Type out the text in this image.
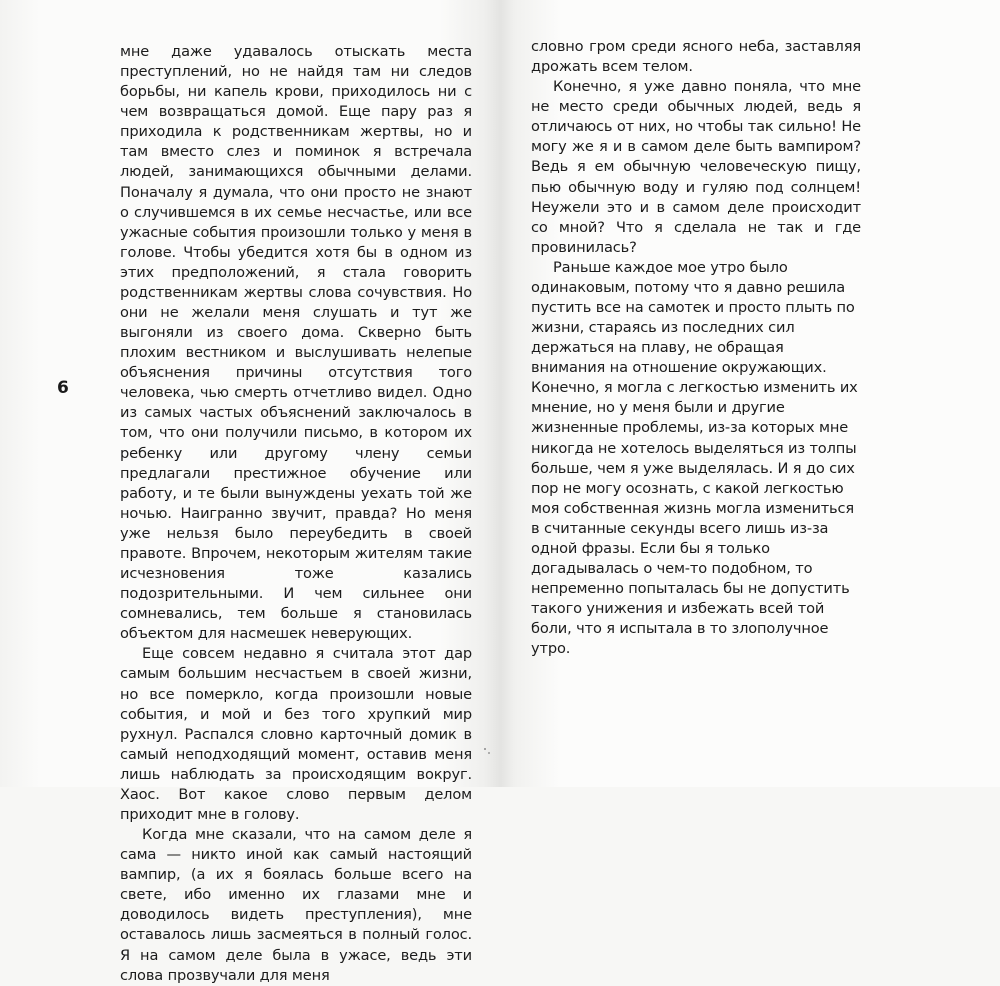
6

мне даже удавалось отыскать места преступлений, но не найдя там ни следов борьбы, ни капель крови, приходилось ни с чем возвращаться домой. Еще пару раз я приходила к родственникам жертвы, но и там вместо слез и поминок я встречала людей, занимающихся обычными делами. Поначалу я думала, что они просто не знают о случившемся в их семье несчастье, или все ужасные события произошли только у меня в голове. Чтобы убедится хотя бы в одном из этих предположений, я стала говорить родственникам жертвы слова сочувствия. Но они не желали меня слушать и тут же выгоняли из своего дома. Скверно быть плохим вестником и выслушивать нелепые объяснения причины отсутствия того человека, чью смерть отчетливо видел. Одно из самых частых объяснений заключалось в том, что они получили письмо, в котором их ребенку или другому члену семьи предлагали престижное обучение или работу, и те были вынуждены уехать той же ночью. Наигранно звучит, правда? Но меня уже нельзя было переубедить в своей правоте. Впрочем, некоторым жителям такие исчезновения тоже казались подозрительными. И чем сильнее они сомневались, тем больше я становилась объектом для насмешек неверующих.

Еще совсем недавно я считала этот дар самым большим несчастьем в своей жизни, но все померкло, когда произошли новые события, и мой и без того хрупкий мир рухнул. Распался словно карточный домик в самый неподходящий момент, оставив меня лишь наблюдать за происходящим вокруг. Хаос. Вот какое слово первым делом приходит мне в голову.

Когда мне сказали, что на самом деле я сама — никто иной как самый настоящий вампир, (а их я боялась больше всего на свете, ибо именно их глазами мне и доводилось видеть преступления), мне оставалось лишь засмеяться в полный голос. Я на самом деле была в ужасе, ведь эти слова прозвучали для меня

словно гром среди ясного неба, заставляя дрожать всем телом.

Конечно, я уже давно поняла, что мне не место среди обычных людей, ведь я отличаюсь от них, но чтобы так сильно! Не могу же я и в самом деле быть вампиром? Ведь я ем обычную человеческую пищу, пью обычную воду и гуляю под солнцем! Неужели это и в самом деле происходит со мной? Что я сделала не так и где провинилась?

Раньше каждое мое утро было одинаковым, потому что я давно решила пустить все на самотек и просто плыть по жизни, стараясь из последних сил держаться на плаву, не обращая внимания на отношение окружающих. Конечно, я могла с легкостью изменить их мнение, но у меня были и другие жизненные проблемы, из-за которых мне никогда не хотелось выделяться из толпы больше, чем я уже выделялась. И я до сих пор не могу осознать, с какой легкостью моя собственная жизнь могла измениться в считанные секунды всего лишь из-за одной фразы. Если бы я только догадывалась о чем-то подобном, то непременно попыталась бы не допустить такого унижения и избежать всей той боли, что я испытала в то злополучное утро.
